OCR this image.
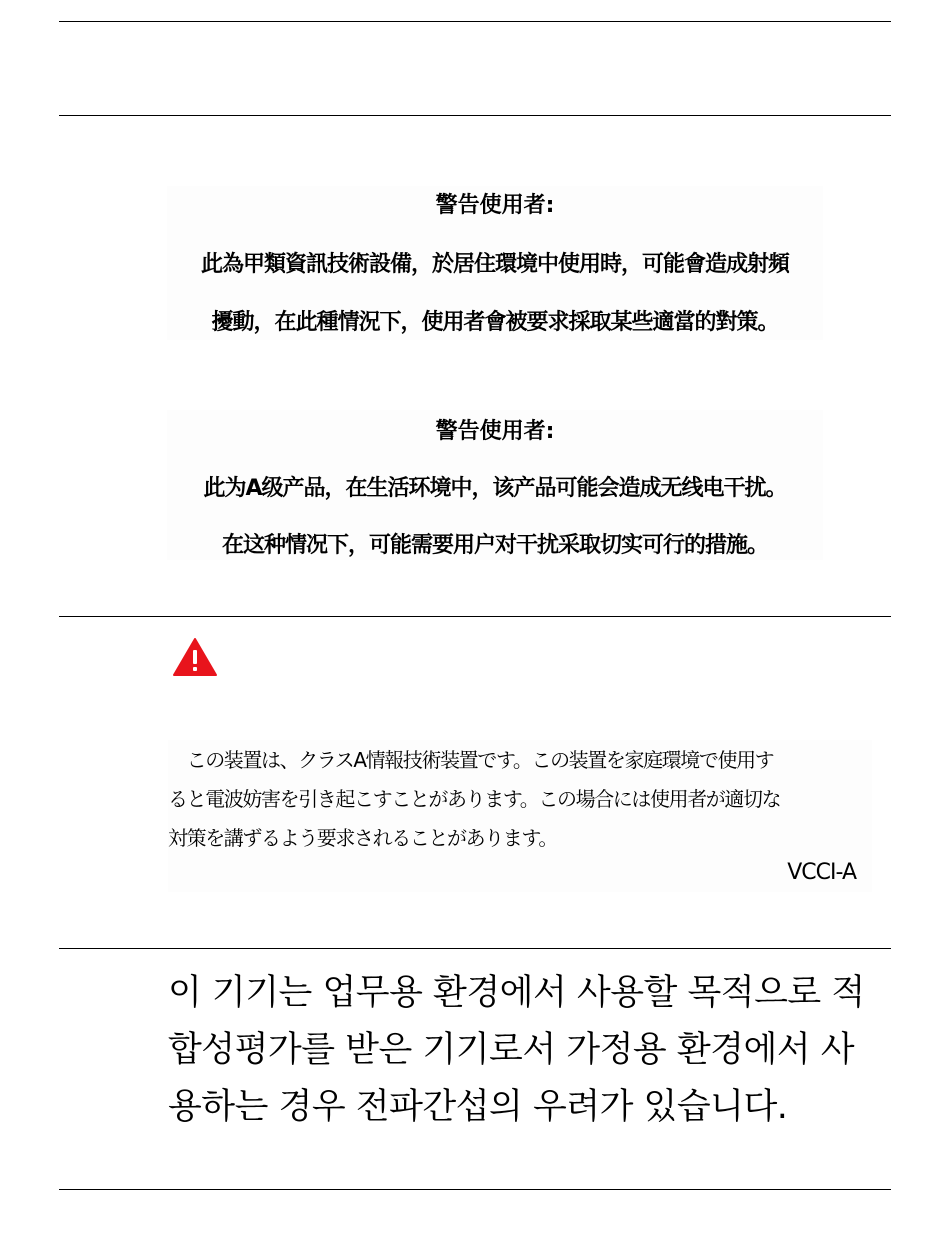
警告使用者:

此為甲類資訊技術設備，於居住環境中使用時，可能會造成射頻

擾動，在此種情況下，使用者會被要求採取某些適當的對策。

警告使用者:

此为A级产品，在生活环境中，该产品可能会造成无线电干扰。

在这种情况下，可能需要用户对干扰采取切实可行的措施。

　この装置は、クラスA情報技術装置です。この装置を家庭環境で使用す
ると電波妨害を引き起こすことがあります。この場合には使用者が適切な
対策を講ずるよう要求されることがあります。
VCCI-A
이 기기는 업무용 환경에서 사용할 목적으로 적
합성평가를 받은 기기로서 가정용 환경에서 사
용하는 경우 전파간섭의 우려가 있습니다.
